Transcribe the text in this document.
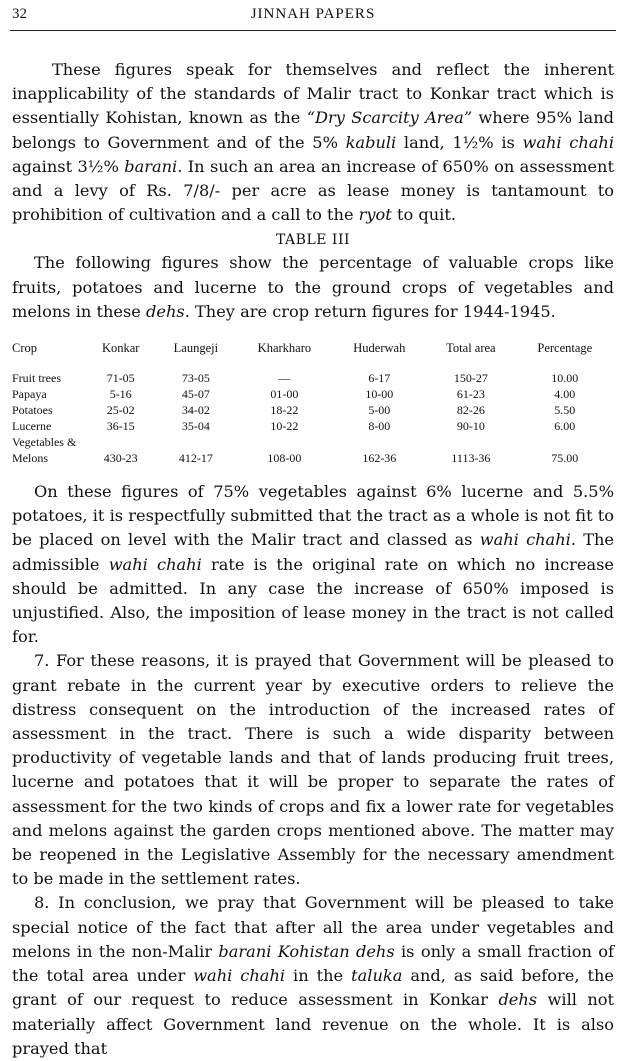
32	JINNAH PAPERS

These figures speak for themselves and reflect the inherent inapplicability of the standards of Malir tract to Konkar tract which is essentially Kohistan, known as the “Dry Scarcity Area” where 95% land belongs to Government and of the 5% kabuli land, 1½% is wahi chahi against 3½% barani. In such an area an increase of 650% on assessment and a levy of Rs. 7/8/- per acre as lease money is tantamount to prohibition of cultivation and a call to the ryot to quit.

TABLE III

The following figures show the percentage of valuable crops like fruits, potatoes and lucerne to the ground crops of vegetables and melons in these dehs. They are crop return figures for 1944-1945.

Crop	Konkar	Laungeji	Kharkharo	Huderwah	Total area	Percentage
Fruit trees	71-05	73-05	—	6-17	150-27	10.00
Papaya	5-16	45-07	01-00	10-00	61-23	4.00
Potatoes	25-02	34-02	18-22	5-00	82-26	5.50
Lucerne	36-15	35-04	10-22	8-00	90-10	6.00
Vegetables &						
Melons	430-23	412-17	108-00	162-36	1113-36	75.00

On these figures of 75% vegetables against 6% lucerne and 5.5% potatoes, it is respectfully submitted that the tract as a whole is not fit to be placed on level with the Malir tract and classed as wahi chahi. The admissible wahi chahi rate is the original rate on which no increase should be admitted. In any case the increase of 650% imposed is unjustified. Also, the imposition of lease money in the tract is not called for.

7. For these reasons, it is prayed that Government will be pleased to grant rebate in the current year by executive orders to relieve the distress consequent on the introduction of the increased rates of assessment in the tract. There is such a wide disparity between productivity of vegetable lands and that of lands producing fruit trees, lucerne and potatoes that it will be proper to separate the rates of assessment for the two kinds of crops and fix a lower rate for vegetables and melons against the garden crops mentioned above. The matter may be reopened in the Legislative Assembly for the necessary amendment to be made in the settlement rates.

8. In conclusion, we pray that Government will be pleased to take special notice of the fact that after all the area under vegetables and melons in the non-Malir barani Kohistan dehs is only a small fraction of the total area under wahi chahi in the taluka and, as said before, the grant of our request to reduce assessment in Konkar dehs will not materially affect Government land revenue on the whole. It is also prayed that
